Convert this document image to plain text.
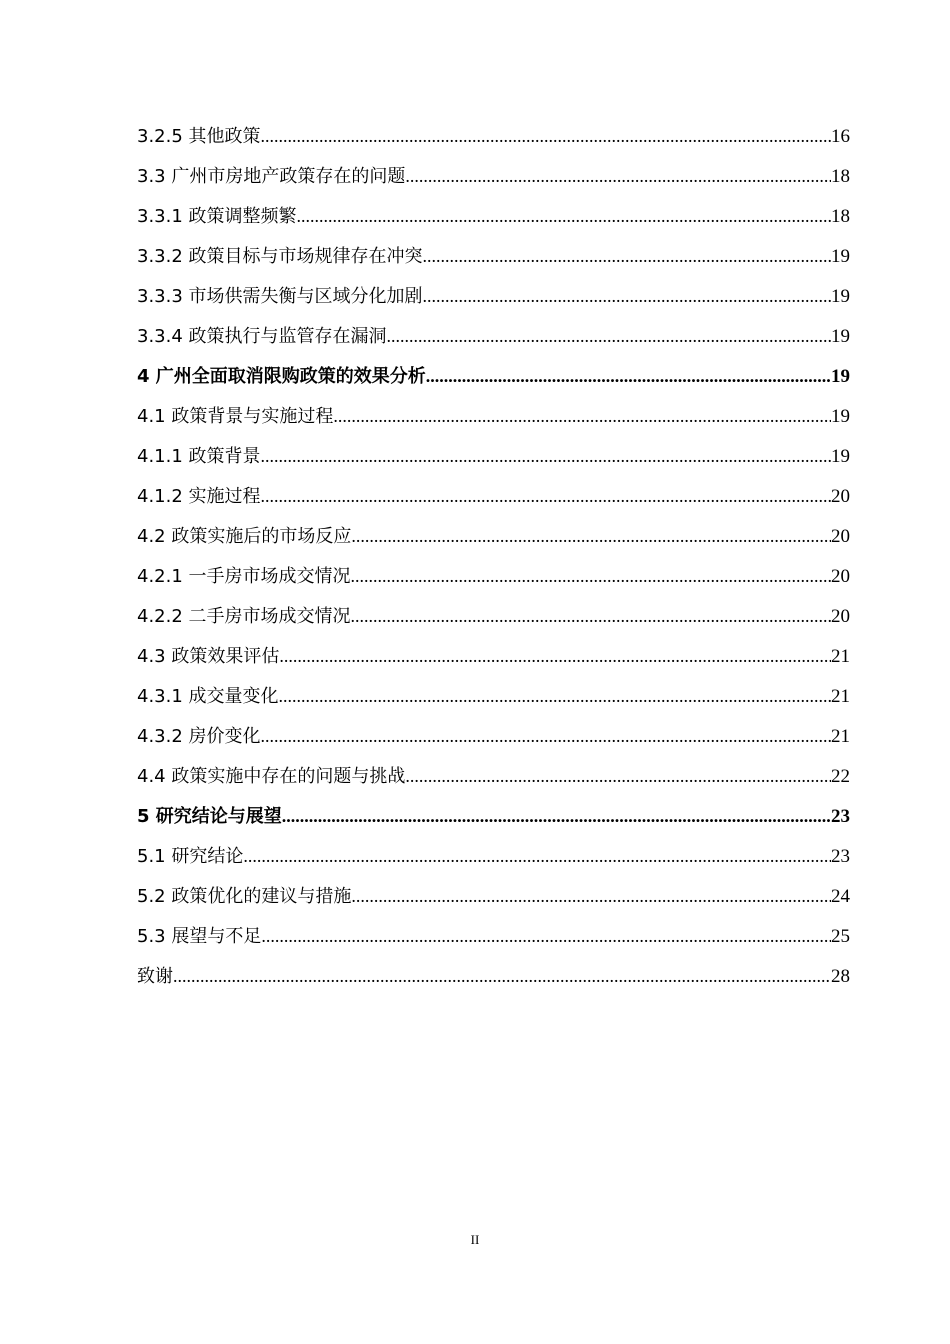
3.2.5 其他政策 .....	16
3.3 广州市房地产政策存在的问题 .....	18
3.3.1 政策调整频繁 .....	18
3.3.2 政策目标与市场规律存在冲突 .....	19
3.3.3 市场供需失衡与区域分化加剧 .....	19
3.3.4 政策执行与监管存在漏洞 .....	19
4 广州全面取消限购政策的效果分析 .....	19
4.1 政策背景与实施过程 .....	19
4.1.1 政策背景 .....	19
4.1.2 实施过程 .....	20
4.2 政策实施后的市场反应 .....	20
4.2.1 一手房市场成交情况 .....	20
4.2.2 二手房市场成交情况 .....	20
4.3 政策效果评估 .....	21
4.3.1 成交量变化 .....	21
4.3.2 房价变化 .....	21
4.4 政策实施中存在的问题与挑战 .....	22
5 研究结论与展望 .....	23
5.1 研究结论 .....	23
5.2 政策优化的建议与措施 .....	24
5.3 展望与不足 .....	25
致谢 .....	28
II
